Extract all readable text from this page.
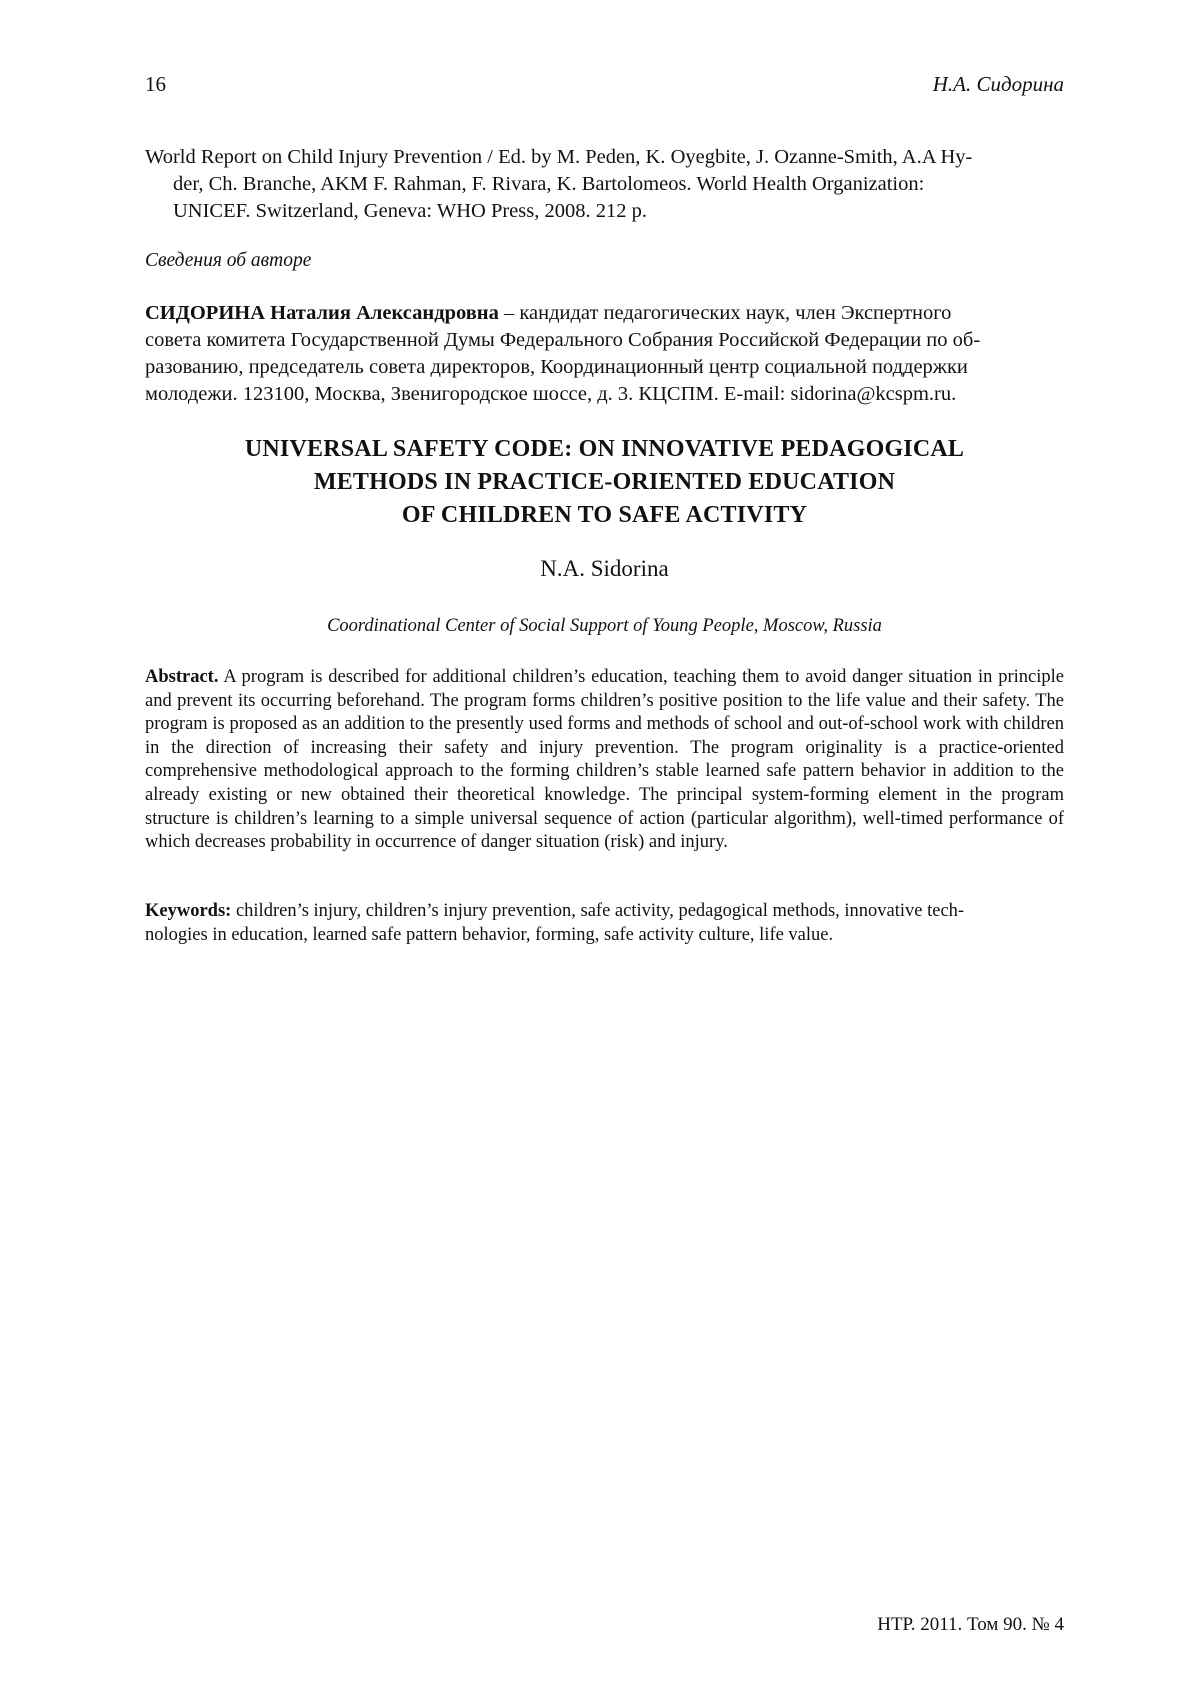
16	Н.А. Сидорина
World Report on Child Injury Prevention / Ed. by M. Peden, K. Oyegbite, J. Ozanne-Smith, A.A Hy-
der, Ch. Branche, AKM F. Rahman, F. Rivara, K. Bartolomeos. World Health Organization:
UNICEF. Switzerland, Geneva: WHO Press, 2008. 212 p.
Сведения об авторе
СИДОРИНА Наталия Александровна – кандидат педагогических наук, член Экспертного
совета комитета Государственной Думы Федерального Собрания Российской Федерации по об-
разованию, председатель совета директоров, Координационный центр социальной поддержки
молодежи. 123100, Москва, Звенигородское шоссе, д. 3. КЦСПМ. E-mail: sidorina@kcspm.ru.
UNIVERSAL SAFETY CODE: ON INNOVATIVE PEDAGOGICAL
METHODS IN PRACTICE-ORIENTED EDUCATION
OF CHILDREN TO SAFE ACTIVITY
N.A. Sidorina
Coordinational Center of Social Support of Young People, Moscow, Russia
Abstract. A program is described for additional children’s education, teaching them to avoid danger situation in principle and prevent its occurring beforehand. The program forms children’s positive position to the life value and their safety. The program is proposed as an addition to the presently used forms and methods of school and out-of-school work with children in the direction of increasing their safety and injury prevention. The program originality is a practice-oriented comprehensive methodological approach to the forming children’s stable learned safe pattern behavior in addition to the already existing or new obtained their theoretical knowledge. The principal system-forming element in the program structure is children’s learning to a simple universal sequence of action (particular algorithm), well-timed performance of which decreases probability in occurrence of danger situation (risk) and injury.
Keywords: children’s injury, children’s injury prevention, safe activity, pedagogical methods, innovative tech-
nologies in education, learned safe pattern behavior, forming, safe activity culture, life value.
НТР. 2011. Том 90. № 4
